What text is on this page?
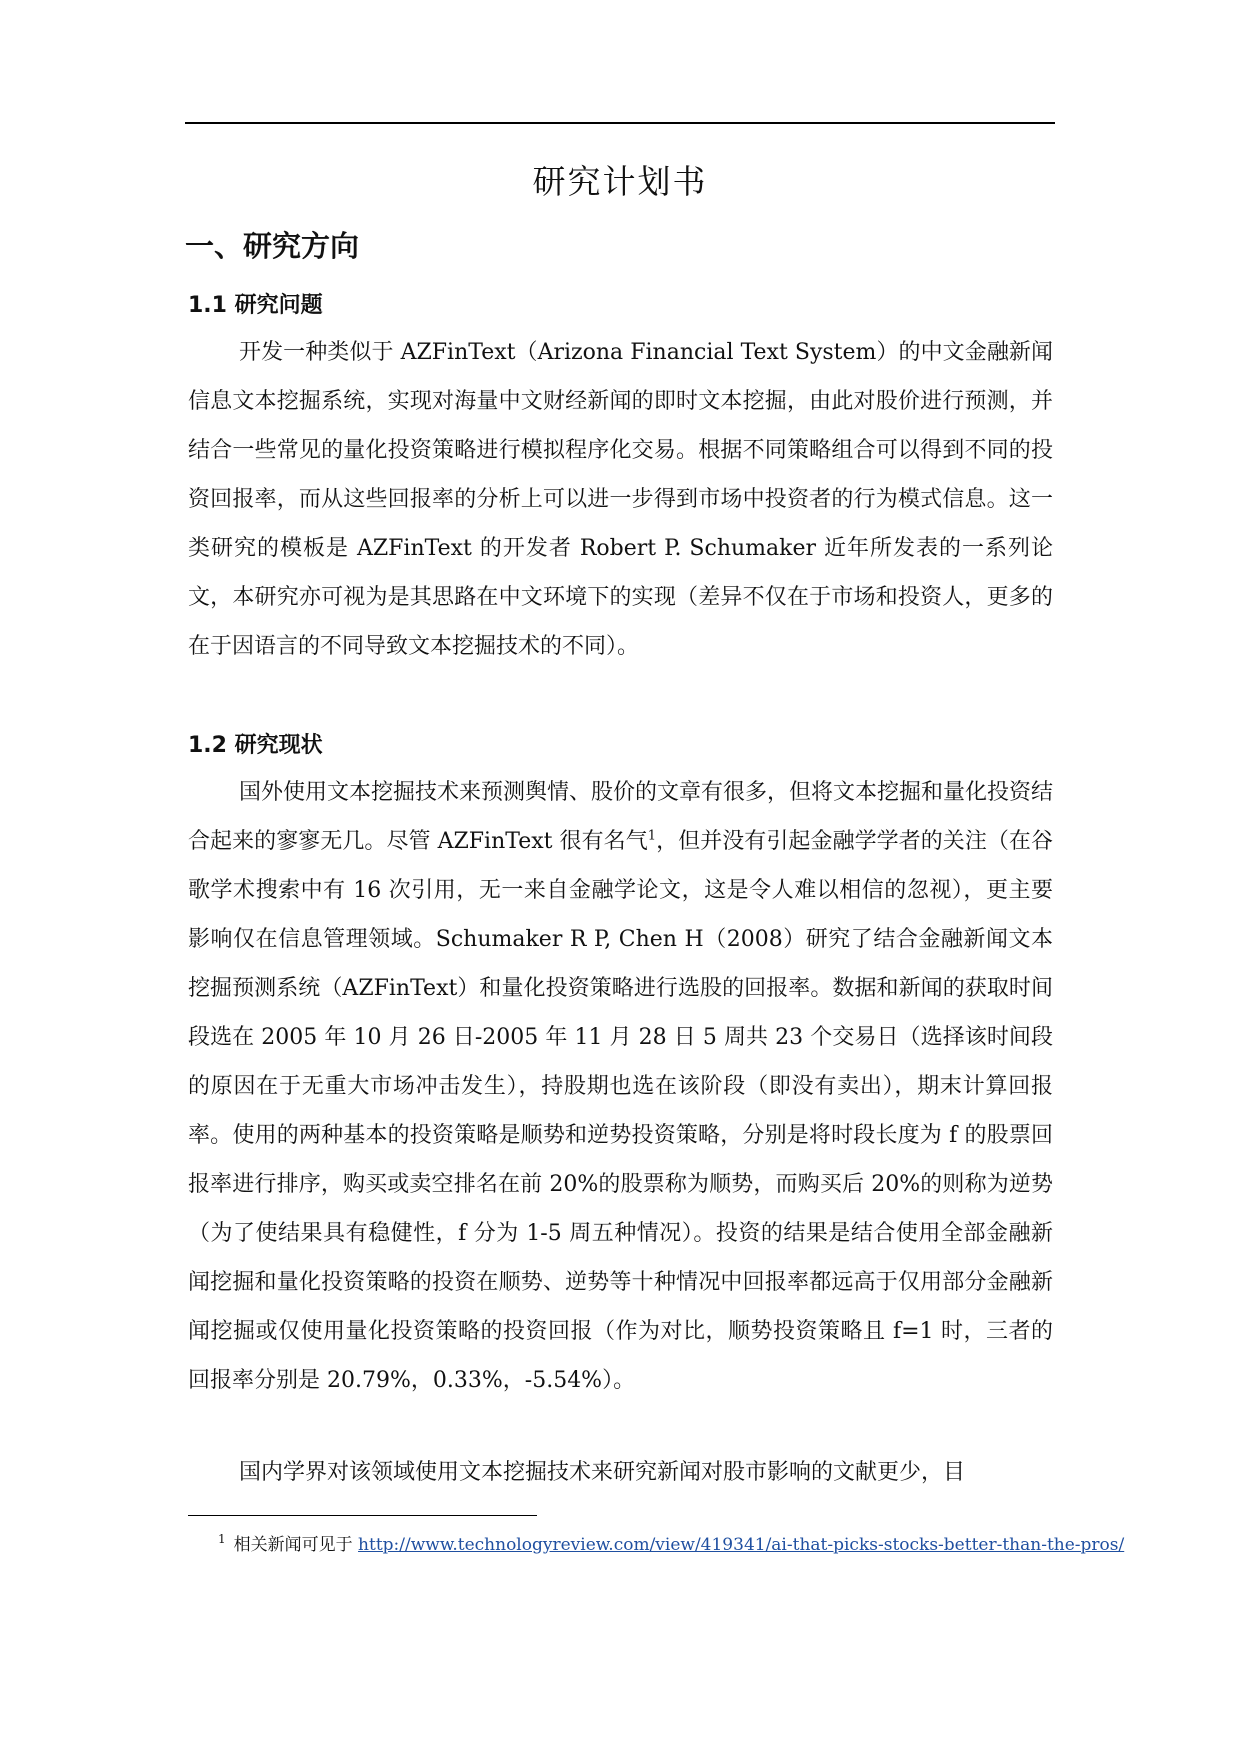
研究计划书
一、研究方向
1.1 研究问题

开发一种类似于 AZFinText（Arizona Financial Text System）的中文金融新闻信息文本挖掘系统，实现对海量中文财经新闻的即时文本挖掘，由此对股价进行预测，并结合一些常见的量化投资策略进行模拟程序化交易。根据不同策略组合可以得到不同的投资回报率，而从这些回报率的分析上可以进一步得到市场中投资者的行为模式信息。这一类研究的模板是 AZFinText 的开发者 Robert P. Schumaker 近年所发表的一系列论文，本研究亦可视为是其思路在中文环境下的实现（差异不仅在于市场和投资人，更多的在于因语言的不同导致文本挖掘技术的不同）。

1.2 研究现状

国外使用文本挖掘技术来预测舆情、股价的文章有很多，但将文本挖掘和量化投资结合起来的寥寥无几。尽管 AZFinText 很有名气$^1$，但并没有引起金融学学者的关注（在谷歌学术搜索中有 16 次引用，无一来自金融学论文，这是令人难以相信的忽视），更主要影响仅在信息管理领域。Schumaker R P, Chen H（2008）研究了结合金融新闻文本挖掘预测系统（AZFinText）和量化投资策略进行选股的回报率。数据和新闻的获取时间段选在 2005 年 10 月 26 日-2005 年 11 月 28 日 5 周共 23 个交易日（选择该时间段的原因在于无重大市场冲击发生），持股期也选在该阶段（即没有卖出），期末计算回报率。使用的两种基本的投资策略是顺势和逆势投资策略，分别是将时段长度为 f 的股票回报率进行排序，购买或卖空排名在前 20%的股票称为顺势，而购买后 20%的则称为逆势（为了使结果具有稳健性，f 分为 1-5 周五种情况）。投资的结果是结合使用全部金融新闻挖掘和量化投资策略的投资在顺势、逆势等十种情况中回报率都远高于仅用部分金融新闻挖掘或仅使用量化投资策略的投资回报（作为对比，顺势投资策略且 f=1 时，三者的回报率分别是 20.79%，0.33%，-5.54%）。

国内学界对该领域使用文本挖掘技术来研究新闻对股市影响的文献更少，目

$^1$ 相关新闻可见于 http://www.technologyreview.com/view/419341/ai-that-picks-stocks-better-than-the-pros/
